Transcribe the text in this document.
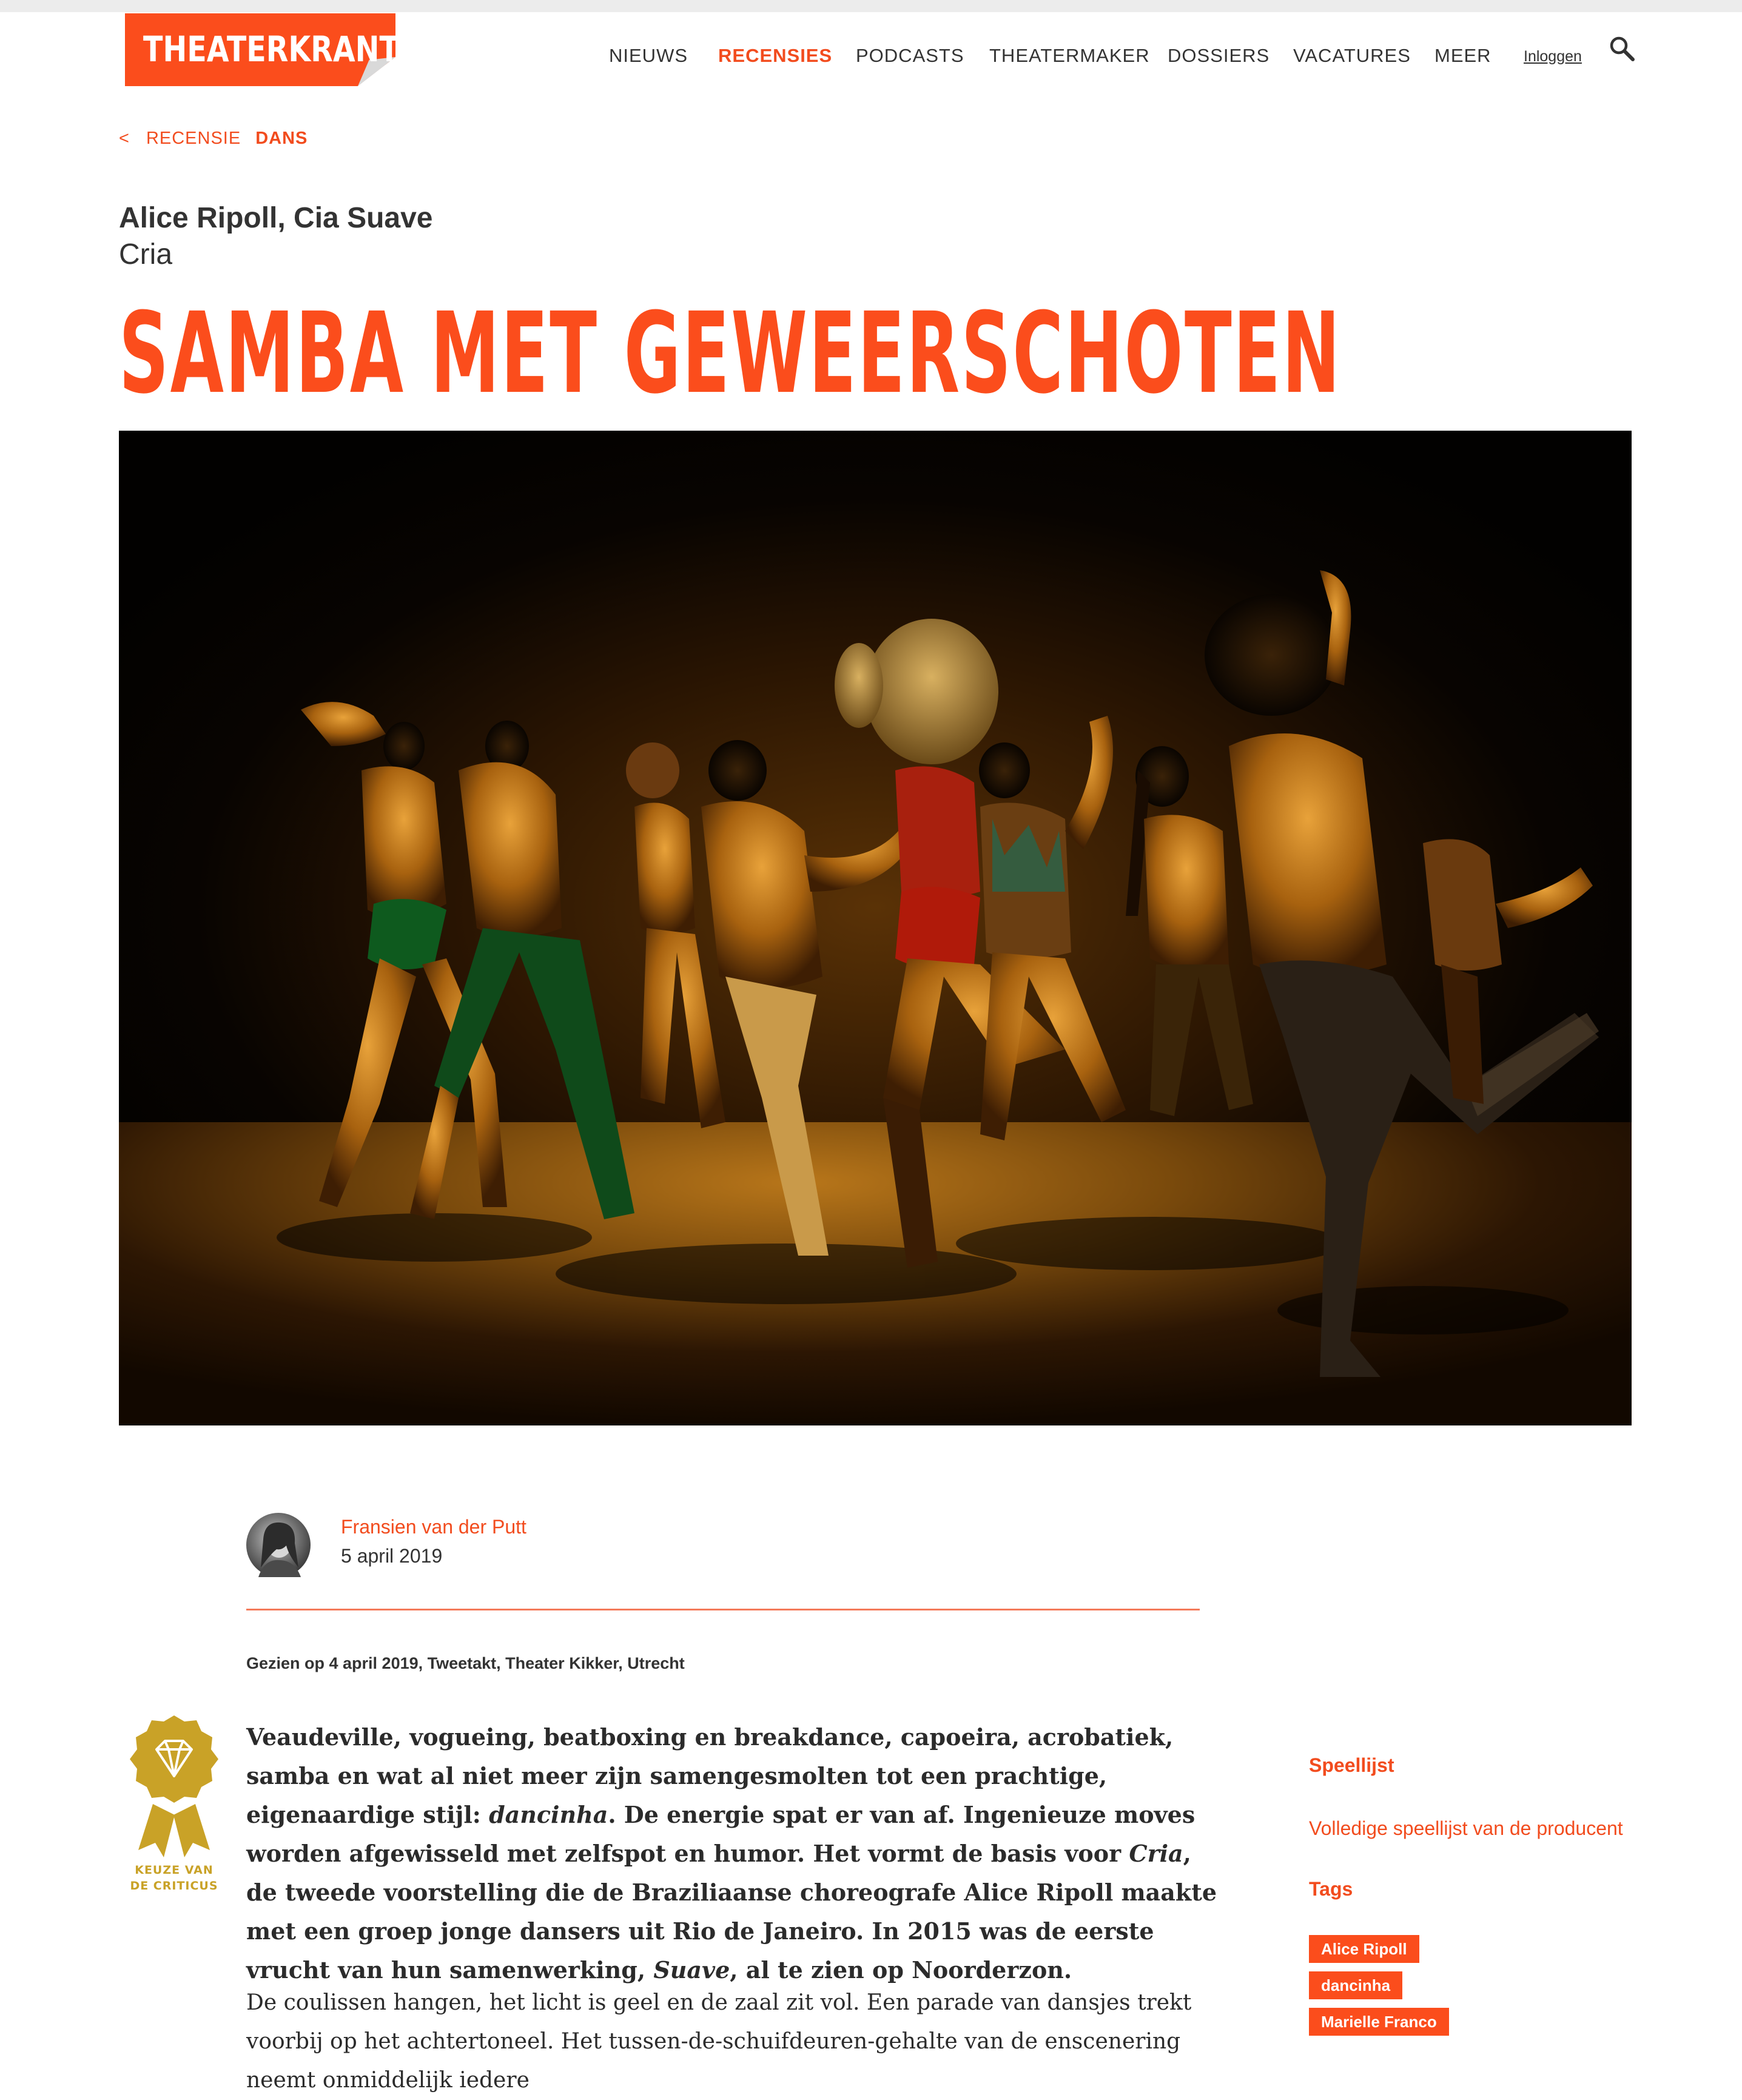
THEATERKRANT	NIEUWS RECENSIES PODCASTS THEATERMAKER DOSSIERS VACATURES MEER Inloggen
< RECENSIE DANS
Alice Ripoll, Cia Suave
Cria
SAMBA MET GEWEERSCHOTEN
Fransien van der Putt
5 april 2019
Gezien op 4 april 2019, Tweetakt, Theater Kikker, Utrecht
KEUZE VAN
DE CRITICUS

Veaudeville, vogueing, beatboxing en breakdance, capoeira, acrobatiek, samba en wat al niet meer zijn samengesmolten tot een prachtige, eigenaardige stijl: dancinha. De energie spat er van af. Ingenieuze moves worden afgewisseld met zelfspot en humor. Het vormt de basis voor Cria, de tweede voorstelling die de Braziliaanse choreografe Alice Ripoll maakte met een groep jonge dansers uit Rio de Janeiro. In 2015 was de eerste vrucht van hun samenwerking, Suave, al te zien op Noorderzon.

De coulissen hangen, het licht is geel en de zaal zit vol. Een parade van dansjes trekt voorbij op het achtertoneel. Het tussen-de-schuifdeuren-gehalte van de enscenering neemt onmiddelijk iedere

Speellijst
Volledige speellijst van de producent
Tags
Alice Ripoll
dancinha
Marielle Franco
